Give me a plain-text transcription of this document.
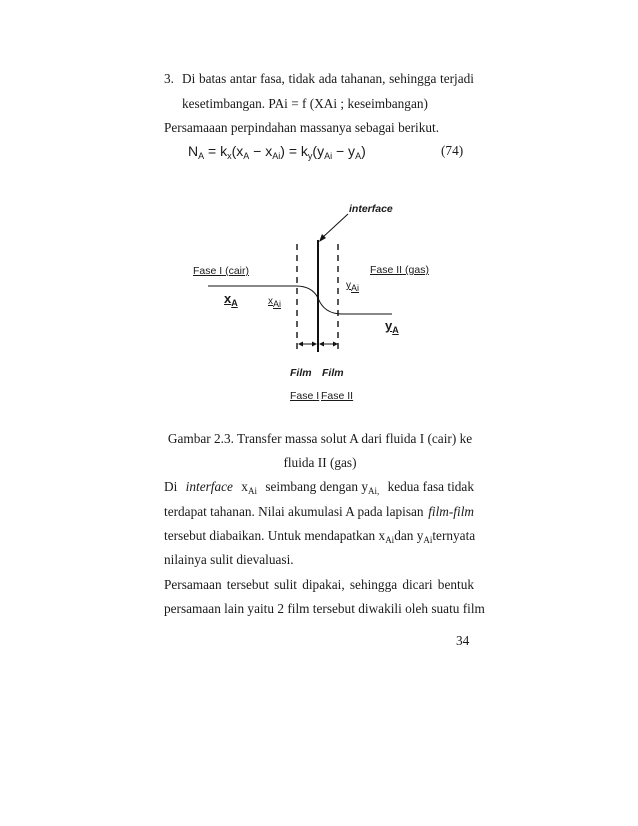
3. Di batas antar fasa, tidak ada tahanan, sehingga terjadi
kesetimbangan. PAi = f (XAi ; keseimbangan)
Persamaaan perpindahan massanya sebagai berikut.
$N_A = k_x(x_A - x_{Ai}) = k_y(y_{Ai} - y_A)$	(74)
interface
Fase I (cair)	Fase II (gas)
$x_A$	$x_{Ai}$
$y_{Ai}$
$y_A$
Film Film
Fase I Fase II
Gambar 2.3. Transfer massa solut A dari fluida I (cair) ke
fluida II (gas)
Di interface $x_{Ai}$ seimbang dengan $y_{Ai,}$ kedua fasa tidak
terdapat tahanan. Nilai akumulasi A pada lapisan film-film
tersebut diabaikan. Untuk mendapatkan $x_{Ai}$ dan $y_{Ai}$ ternyata
nilainya sulit dievaluasi.
Persamaan tersebut sulit dipakai, sehingga dicari bentuk
persamaan lain yaitu 2 film tersebut diwakili oleh suatu film
34
